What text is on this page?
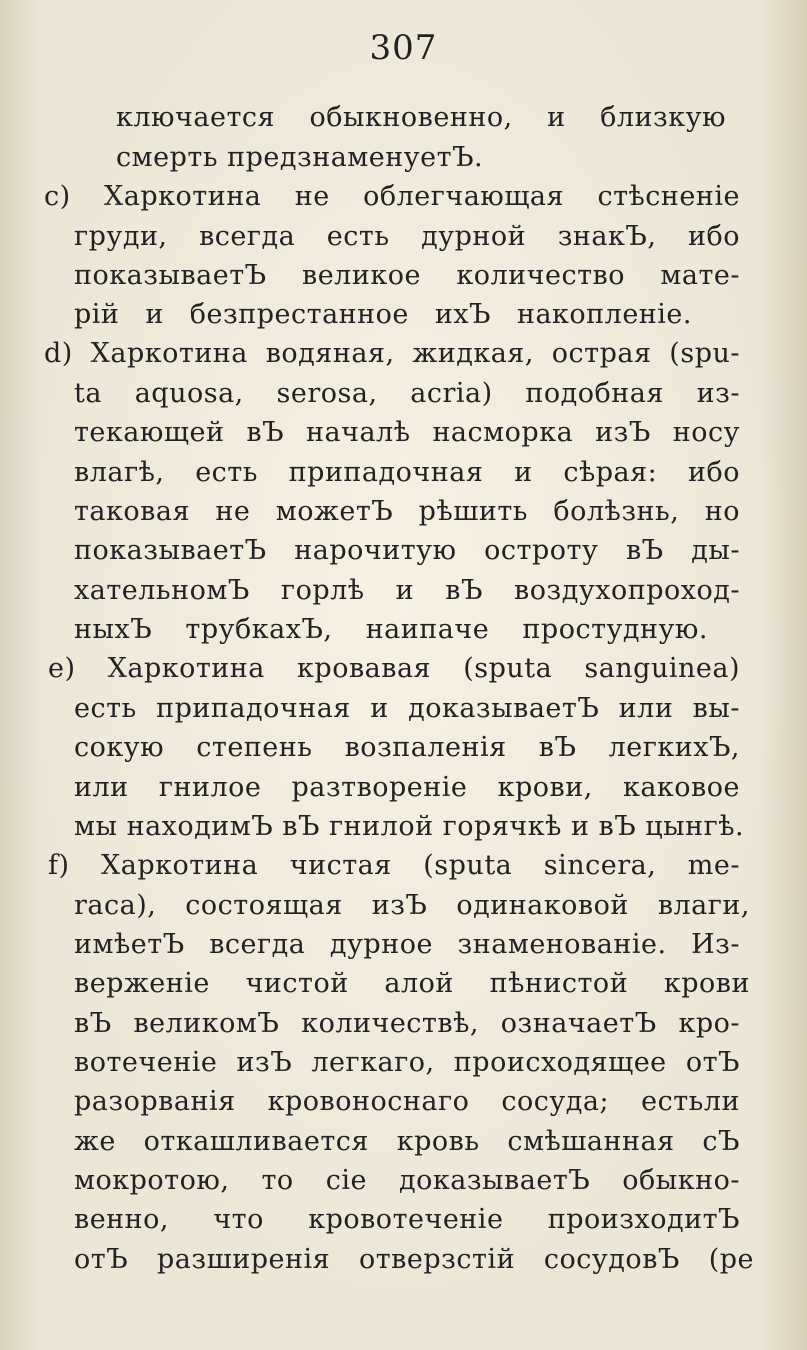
307
ключается обыкновенно, и близкую
смерть предзнаменуетЪ.
c) Харкотина не облегчающая стѣсненіе
груди, всегда есть дурной знакЪ, ибо
показываетЪ великое количество мате-
рій и безпрестанное ихЪ накопленіе.
d) Харкотина водяная, жидкая, острая (spu-
ta aquosa, serosa, acria) подобная из-
текающей вЪ началѣ насморка изЪ носу
влагѣ, есть припадочная и сѣрая: ибо
таковая не можетЪ рѣшить болѣзнь, но
показываетЪ нарочитую остроту вЪ ды-
хательномЪ горлѣ и вЪ воздухопроход-
ныхЪ трубкахЪ, наипаче простудную.
e) Харкотина кровавая (sputa sanguinea)
есть припадочная и доказываетЪ или вы-
сокую степень возпаленія вЪ легкихЪ,
или гнилое разтвореніе крови, каковое
мы находимЪ вЪ гнилой горячкѣ и вЪ цынгѣ.
f) Харкотина чистая (sputa sincera, me-
raca), состоящая изЪ одинаковой влаги,
имѣетЪ всегда дурное знаменованіе. Из-
верженіе чистой алой пѣнистой крови
вЪ великомЪ количествѣ, означаетЪ кро-
вотеченіе изЪ легкаго, происходящее отЪ
разорванія кровоноснаго сосуда; естьли
же откашливается кровь смѣшанная сЪ
мокротою, то сіе доказываетЪ обыкно-
венно, что кровотеченіе произходитЪ
отЪ разширенія отверзстій сосудовЪ (ре
